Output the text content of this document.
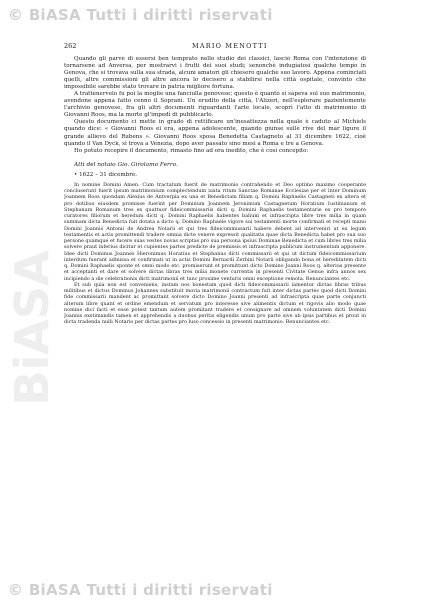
© BiASA Tutti i diritti riservati
BiASA
262	MARIO MENOTTI

Quando gli parve di essersi ben temprato nello studio dei classici, lasciò Roma con l'intenzione di tornarsene ad Anversa, per mostrarvi i frutti dei suoi studi; senonchè indugiatosi qualche tempo in Genova, che si trovava sulla sua strada, alcuni amatori gli chiesero qualche suo lavoro. Appena cominciati quelli, altre commissioni gli altre ancora lo decisero a stabilirsi nella città ospitale, convinto che impossibile sarebbe stato trovare in patria migliore fortuna.

A trattenervelo fu poi la moglie una fanciulla genovese; questo è quanto si sapeva sul suo matrimonio, avendone appena fatto cenno il Soprani. Un erudito della città, l'Alizeri, nell'esplorare pazientemente l'archivio genovese, fra gli altri documenti riguardanti l'arte locale, scoprì l'atto di matrimonio di Giovanni Roos, ma la morte gl'impedì di pubblicarlo.

Questo documento ci mette in grado di rettificare un'inesattezza nella quale è caduto al Michiels quando dice: « Giovanni Roos ei era, appena adolescente, quando giunse sulle rive del mar ligure il grande allievo del Rubens ». Giovanni Roos sposa Benedetta Castagneto al 31 dicembre 1622, cioè quando il Van Dyck, si trova a Venezia, dopo aver passato sino mesi a Roma e tre a Genova.

Ho potuto recepire il documento, rimasto fino ad ora inedito, che è così concepito:

Atti del notaio Gio. Girolamo Ferro.
• 1622 – 31 dicembre.

In nomine Domini Amen. Cum tractatum fuerit de matrimonio contrahendo et Deo optimo maximo cooperante concluserunt fuerit ipsum matrimonium complectendum iuxta ritum Sanctae Romanae Ecclesiae per et inter Dominum Joannem Roos quondam Alexius de Antverpia ex una et Benedictam filiam q. Domini Raphaelis Castagneti ex altera et pro dotibus eiusdem promisse fuerint per Dominum Joannem Jeronimum Castagnetum Horatium Iustinianum et Stephanum Romanum tres ex quattuor fideicommissariis dicti q. Domini Raphaelis testamentarie ex pro tempore curatores filiorum et heredum dicti q. Domini Raphaelis habentes balium et infrascripta libre tres milia in quam summam dicta Benedicta fuit dotata a dicto q. Domino Raphaele vigore sui testamenti morte confirmati et recepti manu Domini Joannis Antonii de Andrea Notarii et qui tres fideicommissarii habere debent ad interveniri ut ex legum testamentis et actis promittendi tradere omnia dicte venere expressit qualitatis quae dicta Benedicta habet pro sua suo persone quamque et fucere suas vestes novas scriptas pro sua persona ipsius Dominae Benedicta et cum libres tres milia solvere praut inferius dicitur et cupientes partes predicte de premissis et infrascripta publicum instrumentum apponere. Idee dicti Dominus Joannes Hieronimus Horatius et Stephanus dicti commissarii et qui ut dictum fideicommissarium interdum fuerant admissa et confirmati ut in actis Domini Bernardi Zerbini Notarii obligando bona et hereditatem dicti q. Domini Raphaelis sponte et omni modo etc. promiserunt et promittunt dicto Domino Joanni Roos q. alterius presente et acceptanti et dare et solvere dictas libras tres milia monete currentis in presenti Civitate Genue infra annos sex incipiendo a die celebrationis dicti matrimonii et tunc proxime venturis omni exceptione remota. Renunciantes etc.

Et sub quia non est conveniens, instam nos bonestam quod dicti fideicommissarii iamentur dictas libras tribus militibus et dictus Dominus Johannes substituit moria matrimonii contractum fuit inter dictas partes quod dicti Domini fide commissarii mandent ac promittant solvere dicto Domino Joanni presenti ad infrascripta quae parte conjuncti alterum libre quant et ordine emendum et servatum pro interesse sive alimentis dictum et rigovis alio modo quae nomine dici facti et esse potest tantum autem promitant tradere et consignare ad omnem voluntatem dicti Domini Joannis exstimandis tamen et apprehendis a duobus peritis eligendis unum pro parte sive ab ipsis partibus et prout in dicta tradenda nulli Notario per dictas partes pro luso concessio in presenti matrimonio. Renunciantes etc.

© BiASA Tutti i diritti riservati
